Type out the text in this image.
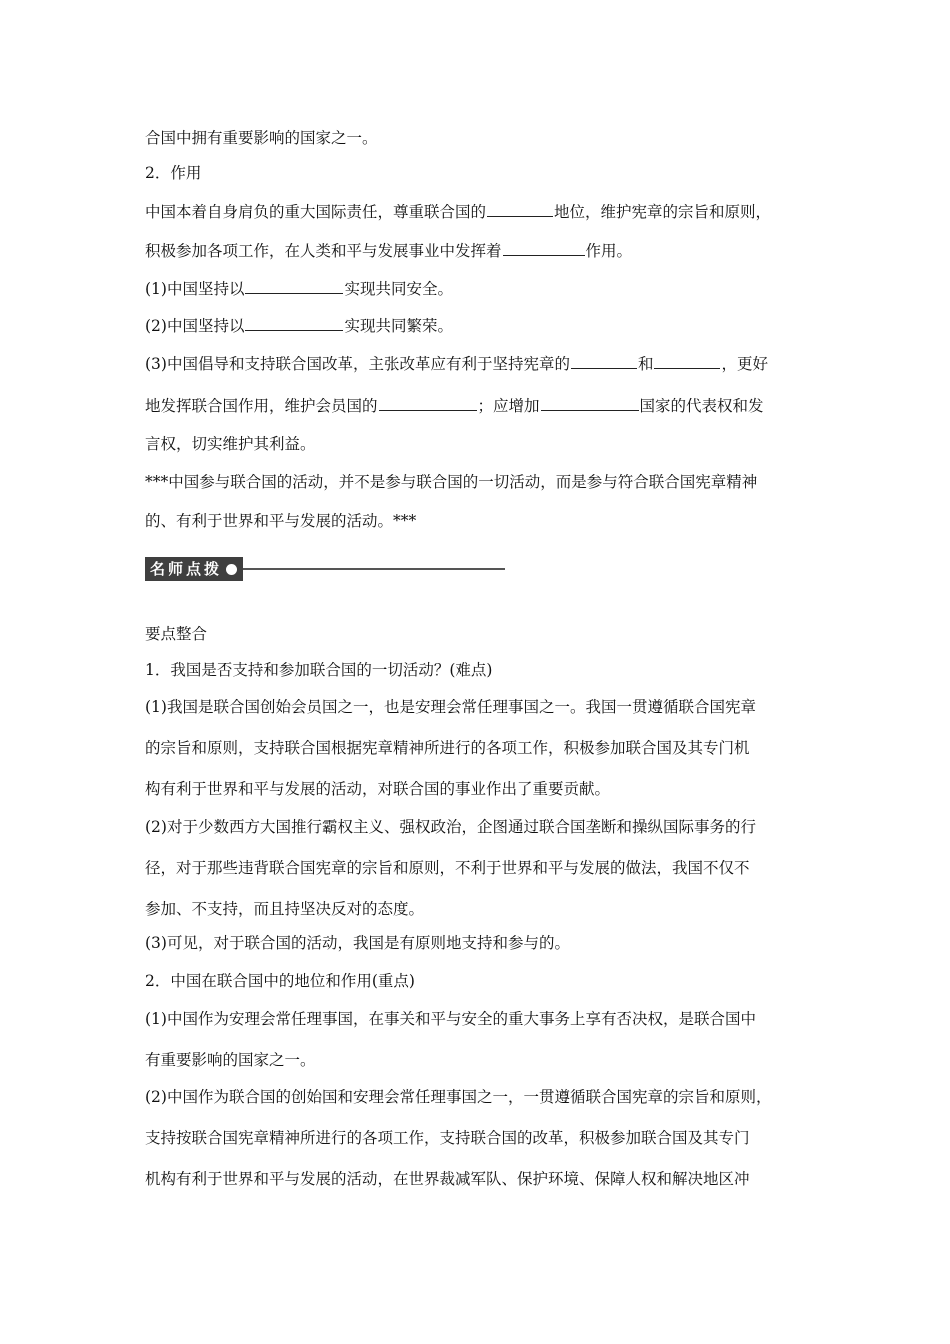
合国中拥有重要影响的国家之一。
2．作用
中国本着自身肩负的重大国际责任，尊重联合国的	地位，维护宪章的宗旨和原则，
积极参加各项工作，在人类和平与发展事业中发挥着	作用。
(1)中国坚持以	实现共同安全。
(2)中国坚持以	实现共同繁荣。
(3)中国倡导和支持联合国改革，主张改革应有利于坚持宪章的	和	，更好
地发挥联合国作用，维护会员国的	；应增加	国家的代表权和发
言权，切实维护其利益。
***中国参与联合国的活动，并不是参与联合国的一切活动，而是参与符合联合国宪章精神
的、有利于世界和平与发展的活动。***
名师点拨
要点整合
1．我国是否支持和参加联合国的一切活动？(难点)
(1)我国是联合国创始会员国之一，也是安理会常任理事国之一。我国一贯遵循联合国宪章
的宗旨和原则，支持联合国根据宪章精神所进行的各项工作，积极参加联合国及其专门机
构有利于世界和平与发展的活动，对联合国的事业作出了重要贡献。
(2)对于少数西方大国推行霸权主义、强权政治，企图通过联合国垄断和操纵国际事务的行
径，对于那些违背联合国宪章的宗旨和原则，不利于世界和平与发展的做法，我国不仅不
参加、不支持，而且持坚决反对的态度。
(3)可见，对于联合国的活动，我国是有原则地支持和参与的。
2．中国在联合国中的地位和作用(重点)
(1)中国作为安理会常任理事国，在事关和平与安全的重大事务上享有否决权，是联合国中
有重要影响的国家之一。
(2)中国作为联合国的创始国和安理会常任理事国之一，一贯遵循联合国宪章的宗旨和原则，
支持按联合国宪章精神所进行的各项工作，支持联合国的改革，积极参加联合国及其专门
机构有利于世界和平与发展的活动，在世界裁减军队、保护环境、保障人权和解决地区冲
